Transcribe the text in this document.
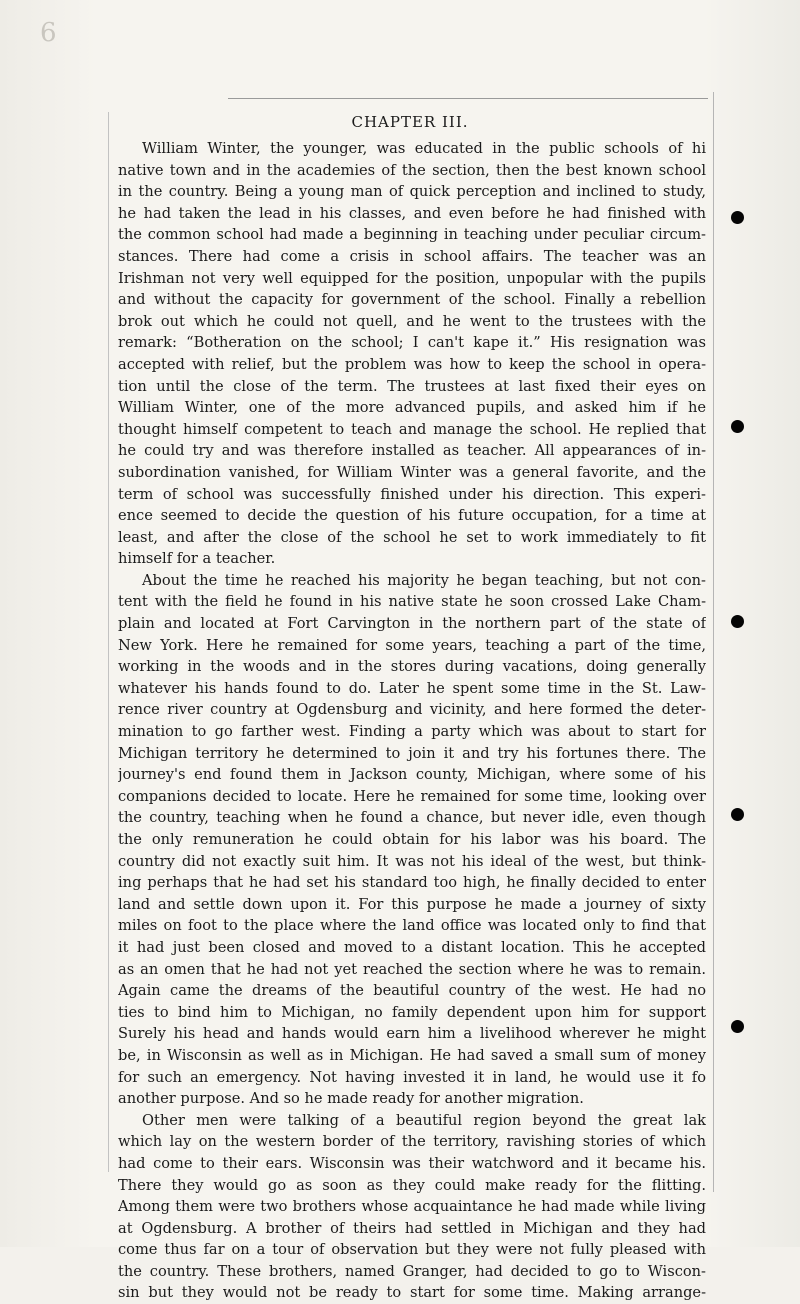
6
CHAPTER III.
William Winter, the younger, was educated in the public schools of hi
native town and in the academies of the section, then the best known school
in the country. Being a young man of quick perception and inclined to study,
he had taken the lead in his classes, and even before he had finished with
the common school had made a beginning in teaching under peculiar circum-
stances. There had come a crisis in school affairs. The teacher was an
Irishman not very well equipped for the position, unpopular with the pupils
and without the capacity for government of the school. Finally a rebellion
brok out which he could not quell, and he went to the trustees with the
remark: “Botheration on the school; I can't kape it.” His resignation was
accepted with relief, but the problem was how to keep the school in opera-
tion until the close of the term. The trustees at last fixed their eyes on
William Winter, one of the more advanced pupils, and asked him if he
thought himself competent to teach and manage the school. He replied that
he could try and was therefore installed as teacher. All appearances of in-
subordination vanished, for William Winter was a general favorite, and the
term of school was successfully finished under his direction. This experi-
ence seemed to decide the question of his future occupation, for a time at
least, and after the close of the school he set to work immediately to fit
himself for a teacher.
About the time he reached his majority he began teaching, but not con-
tent with the field he found in his native state he soon crossed Lake Cham-
plain and located at Fort Carvington in the northern part of the state of
New York. Here he remained for some years, teaching a part of the time,
working in the woods and in the stores during vacations, doing generally
whatever his hands found to do. Later he spent some time in the St. Law-
rence river country at Ogdensburg and vicinity, and here formed the deter-
mination to go farther west. Finding a party which was about to start for
Michigan territory he determined to join it and try his fortunes there. The
journey's end found them in Jackson county, Michigan, where some of his
companions decided to locate. Here he remained for some time, looking over
the country, teaching when he found a chance, but never idle, even though
the only remuneration he could obtain for his labor was his board. The
country did not exactly suit him. It was not his ideal of the west, but think-
ing perhaps that he had set his standard too high, he finally decided to enter
land and settle down upon it. For this purpose he made a journey of sixty
miles on foot to the place where the land office was located only to find that
it had just been closed and moved to a distant location. This he accepted
as an omen that he had not yet reached the section where he was to remain.
Again came the dreams of the beautiful country of the west. He had no
ties to bind him to Michigan, no family dependent upon him for support
Surely his head and hands would earn him a livelihood wherever he might
be, in Wisconsin as well as in Michigan. He had saved a small sum of money
for such an emergency. Not having invested it in land, he would use it fo
another purpose. And so he made ready for another migration.
Other men were talking of a beautiful region beyond the great lak
which lay on the western border of the territory, ravishing stories of which
had come to their ears. Wisconsin was their watchword and it became his.
There they would go as soon as they could make ready for the flitting.
Among them were two brothers whose acquaintance he had made while living
at Ogdensburg. A brother of theirs had settled in Michigan and they had
come thus far on a tour of observation but they were not fully pleased with
the country. These brothers, named Granger, had decided to go to Wiscon-
sin but they would not be ready to start for some time. Making arrange-
